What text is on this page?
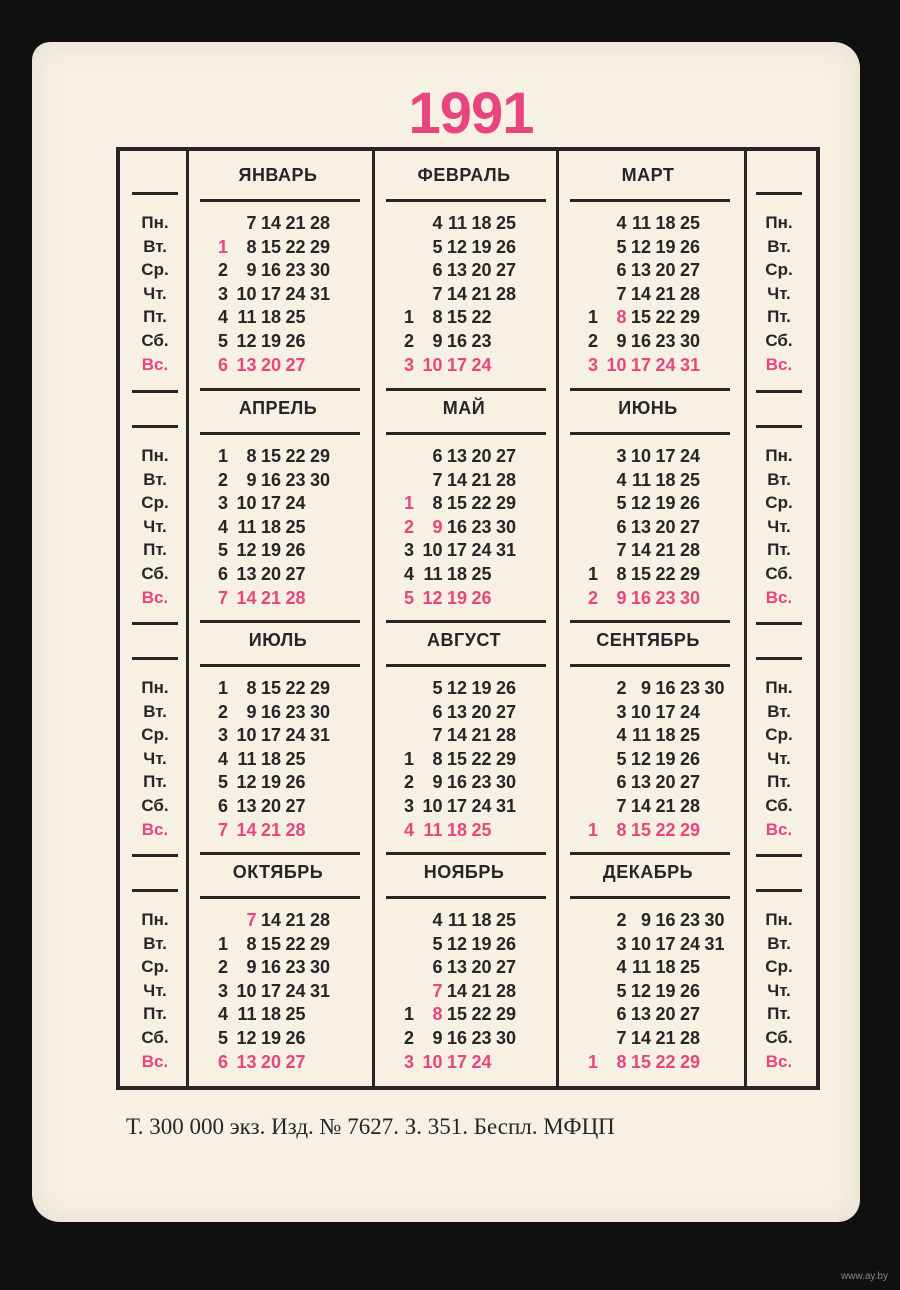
1991
Пн.
Вт.
Ср.
Чт.
Пт.
Сб.
Вс.
Пн.
Вт.
Ср.
Чт.
Пт.
Сб.
Вс.
Пн.
Вт.
Ср.
Чт.
Пт.
Сб.
Вс.
Пн.
Вт.
Ср.
Чт.
Пт.
Сб.
Вс.
Пн.
Вт.
Ср.
Чт.
Пт.
Сб.
Вс.
Пн.
Вт.
Ср.
Чт.
Пт.
Сб.
Вс.
Пн.
Вт.
Ср.
Чт.
Пт.
Сб.
Вс.
Пн.
Вт.
Ср.
Чт.
Пт.
Сб.
Вс.
ЯНВАРЬ
1
2
3
4
5
6
7
8
9
10
11
12
13
14
15
16
17
18
19
20
21
22
23
24
25
26
27
28
29
30
31
ФЕВРАЛЬ
1
2
3
4
5
6
7
8
9
10
11
12
13
14
15
16
17
18
19
20
21
22
23
24
25
26
27
28
МАРТ
1
2
3
4
5
6
7
8
9
10
11
12
13
14
15
16
17
18
19
20
21
22
23
24
25
26
27
28
29
30
31
АПРЕЛЬ
1
2
3
4
5
6
7
8
9
10
11
12
13
14
15
16
17
18
19
20
21
22
23
24
25
26
27
28
29
30
МАЙ
1
2
3
4
5
6
7
8
9
10
11
12
13
14
15
16
17
18
19
20
21
22
23
24
25
26
27
28
29
30
31
ИЮНЬ
1
2
3
4
5
6
7
8
9
10
11
12
13
14
15
16
17
18
19
20
21
22
23
24
25
26
27
28
29
30
ИЮЛЬ
1
2
3
4
5
6
7
8
9
10
11
12
13
14
15
16
17
18
19
20
21
22
23
24
25
26
27
28
29
30
31
АВГУСТ
1
2
3
4
5
6
7
8
9
10
11
12
13
14
15
16
17
18
19
20
21
22
23
24
25
26
27
28
29
30
31
СЕНТЯБРЬ
1
2
3
4
5
6
7
8
9
10
11
12
13
14
15
16
17
18
19
20
21
22
23
24
25
26
27
28
29
30
ОКТЯБРЬ
1
2
3
4
5
6
7
8
9
10
11
12
13
14
15
16
17
18
19
20
21
22
23
24
25
26
27
28
29
30
31
НОЯБРЬ
1
2
3
4
5
6
7
8
9
10
11
12
13
14
15
16
17
18
19
20
21
22
23
24
25
26
27
28
29
30
ДЕКАБРЬ
1
2
3
4
5
6
7
8
9
10
11
12
13
14
15
16
17
18
19
20
21
22
23
24
25
26
27
28
29
30
31
Т. 300 000 экз. Изд. № 7627. З. 351. Беспл. МФЦП
www.ay.by
